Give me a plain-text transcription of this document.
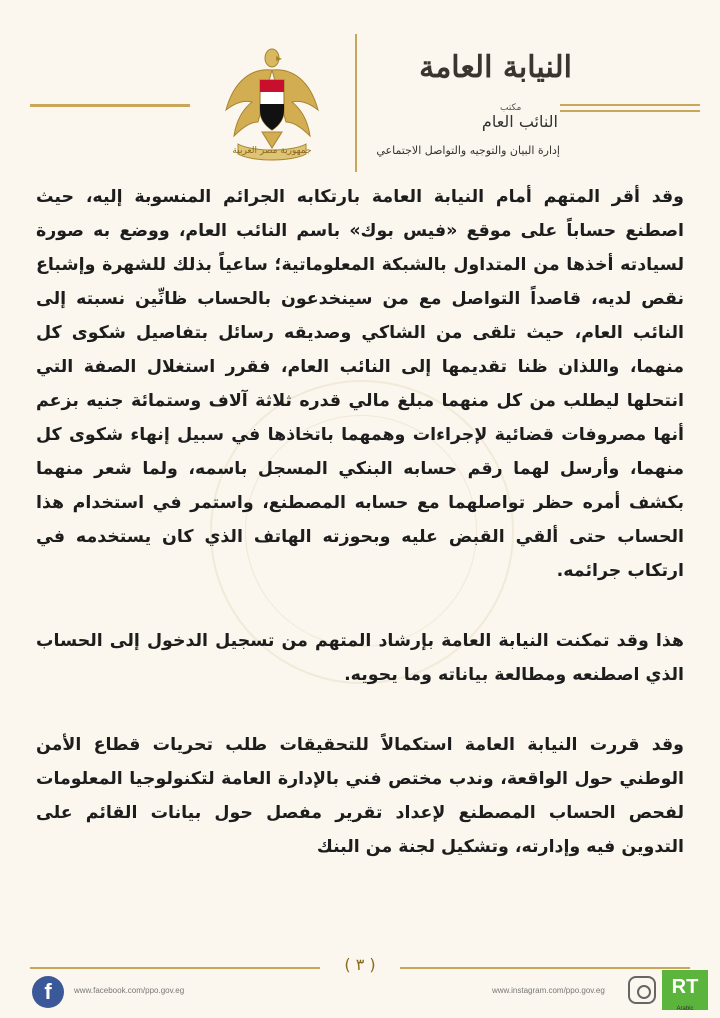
جمهورية مصر العربية
النيابة العامة
مكتب
النائب العام
إدارة البيان والتوجيه والتواصل الاجتماعي

وقد أقر المتهم أمام النيابة العامة بارتكابه الجرائم المنسوبة إليه، حيث اصطنع حساباً على موقع «فيس بوك» باسم النائب العام، ووضع به صورة لسيادته أخذها من المتداول بالشبكة المعلوماتية؛ ساعياً بذلك للشهرة وإشباع نقص لديه، قاصداً التواصل مع من سينخدعون بالحساب ظانِّين نسبته إلى النائب العام، حيث تلقى من الشاكي وصديقه رسائل بتفاصيل شكوى كل منهما، واللذان ظنا تقديمها إلى النائب العام، فقرر استغلال الصفة التي انتحلها ليطلب من كل منهما مبلغ مالي قدره ثلاثة آلاف وستمائة جنيه بزعم أنها مصروفات قضائية لإجراءات وهمهما باتخاذها في سبيل إنهاء شكوى كل منهما، وأرسل لهما رقم حسابه البنكي المسجل باسمه، ولما شعر منهما بكشف أمره حظر تواصلهما مع حسابه المصطنع، واستمر في استخدام هذا الحساب حتى ألقي القبض عليه وبحوزته الهاتف الذي كان يستخدمه في ارتكاب جرائمه.

هذا وقد تمكنت النيابة العامة بإرشاد المتهم من تسجيل الدخول إلى الحساب الذي اصطنعه ومطالعة بياناته وما يحويه.

وقد قررت النيابة العامة استكمالاً للتحقيقات طلب تحريات قطاع الأمن الوطني حول الواقعة، وندب مختص فني بالإدارة العامة لتكنولوجيا المعلومات لفحص الحساب المصطنع لإعداد تقرير مفصل حول بيانات القائم على التدوين فيه وإدارته، وتشكيل لجنة من البنك

( ٣ )
f	www.facebook.com/ppo.gov.eg	www.instagram.com/ppo.gov.eg	RT
Arabic
